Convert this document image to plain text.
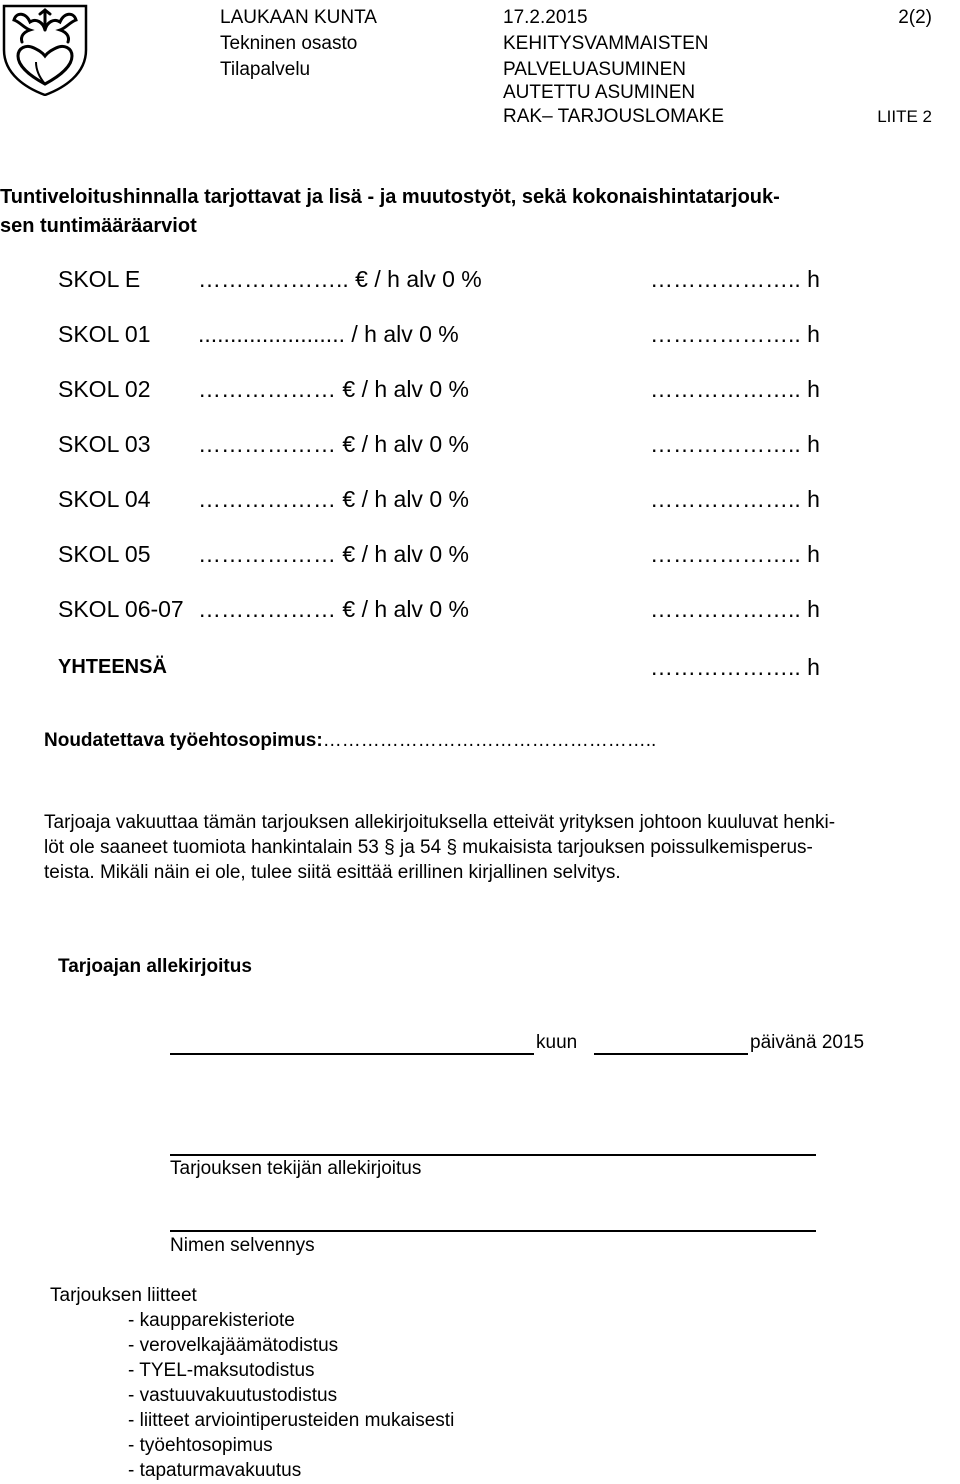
LAUKAAN KUNTA
Tekninen osasto
Tilapalvelu
17.2.2015
KEHITYSVAMMAISTEN
PALVELUASUMINEN
AUTETTU ASUMINEN
RAK– TARJOUSLOMAKE
2(2)
LIITE 2
Tuntiveloitushinnalla tarjottavat ja lisä - ja muutostyöt, sekä kokonaishintatarjouk-
sen tuntimääräarviot
SKOL E	……………….. € / h alv 0 %	……………….. h
SKOL 01 ....................... / h alv 0 %	……………….. h
SKOL 02 ……………… € / h alv 0 %	……………….. h
SKOL 03 ……………… € / h alv 0 %	……………….. h
SKOL 04 ……………… € / h alv 0 %	……………….. h
SKOL 05 ……………… € / h alv 0 %	……………….. h
SKOL 06-07 ……………… € / h alv 0 %	……………….. h
YHTEENSÄ	……………….. h
Noudatettava työehtosopimus:……………………………………………..
Tarjoaja vakuuttaa tämän tarjouksen allekirjoituksella etteivät yrityksen johtoon kuuluvat henki-
löt ole saaneet tuomiota hankintalain 53 § ja 54 § mukaisista tarjouksen poissulkemisperus-
teista. Mikäli näin ei ole, tulee siitä esittää erillinen kirjallinen selvitys.
Tarjoajan allekirjoitus
kuun	päivänä 2015
Tarjouksen tekijän allekirjoitus
Nimen selvennys
Tarjouksen liitteet
- kaupparekisteriote
- verovelkajäämätodistus
- TYEL-maksutodistus
- vastuuvakuutustodistus
- liitteet arviointiperusteiden mukaisesti
- työehtosopimus
- tapaturmavakuutus
